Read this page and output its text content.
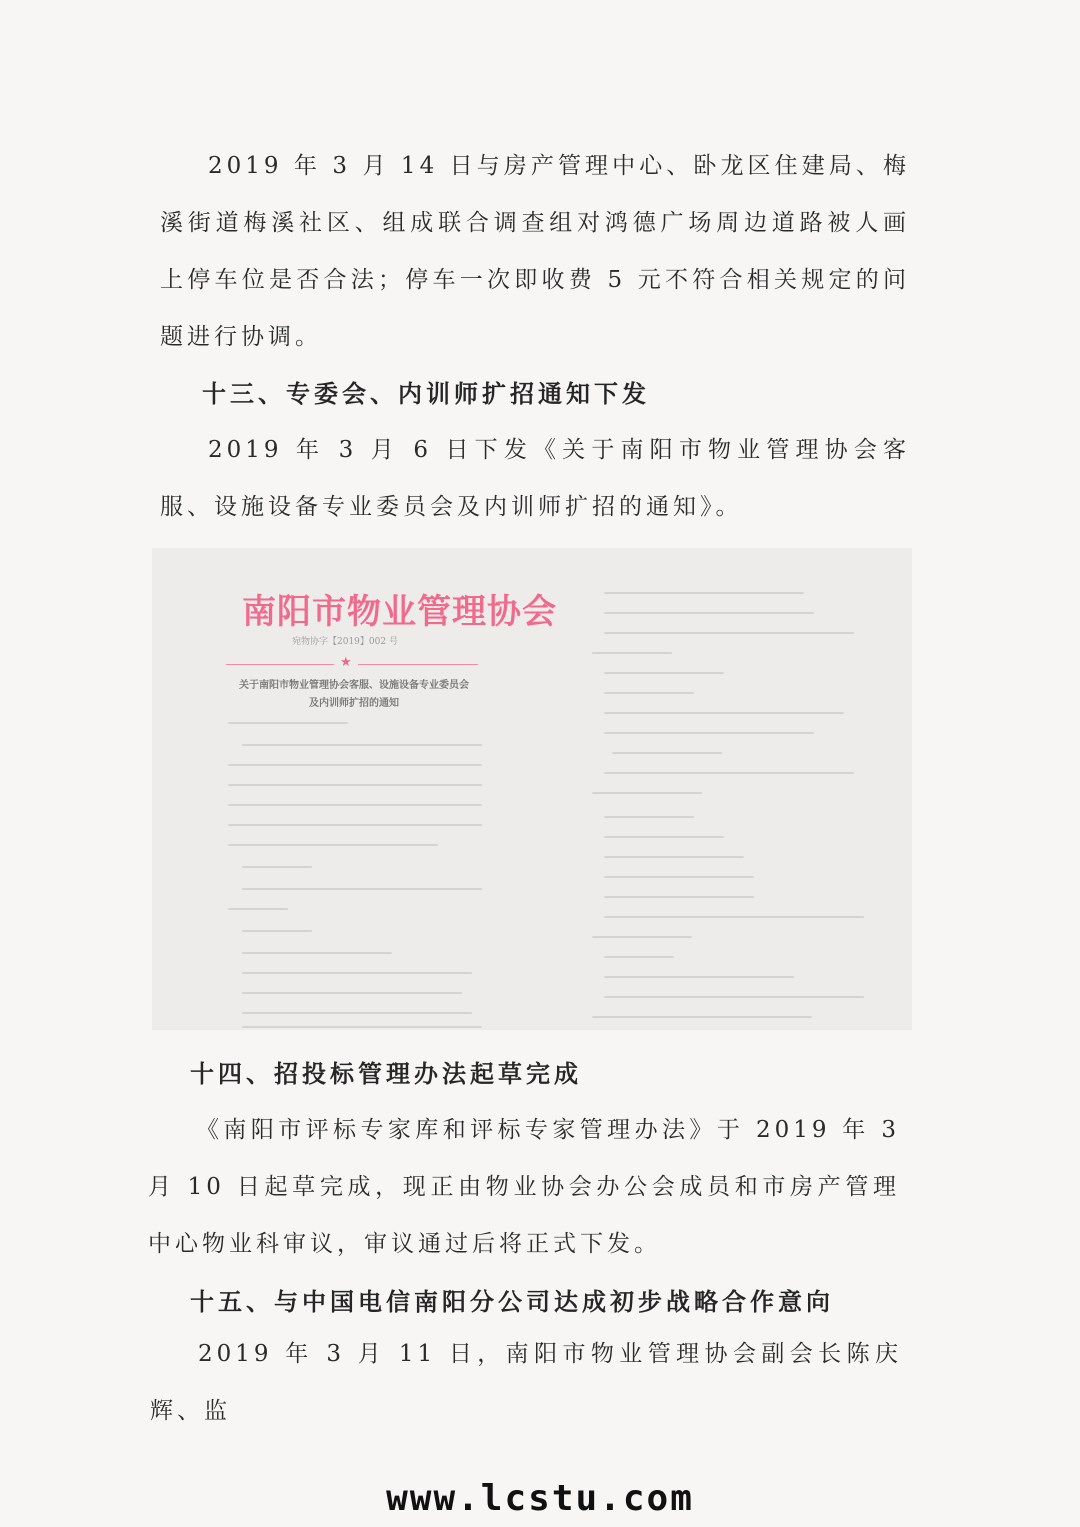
2019 年 3 月 14 日与房产管理中心、卧龙区住建局、梅溪街道梅溪社区、组成联合调查组对鸿德广场周边道路被人画上停车位是否合法；停车一次即收费 5 元不符合相关规定的问题进行协调。

十三、专委会、内训师扩招通知下发

2019 年 3 月 6 日下发《关于南阳市物业管理协会客服、设施设备专业委员会及内训师扩招的通知》。

南阳市物业管理协会
宛物协字【2019】002 号
★
关于南阳市物业管理协会客服、设施设备专业委员会
及内训师扩招的通知

十四、招投标管理办法起草完成

《南阳市评标专家库和评标专家管理办法》于 2019 年 3 月 10 日起草完成，现正由物业协会办公会成员和市房产管理中心物业科审议，审议通过后将正式下发。

十五、与中国电信南阳分公司达成初步战略合作意向

2019 年 3 月 11 日，南阳市物业管理协会副会长陈庆辉、监

www.lcstu.com
